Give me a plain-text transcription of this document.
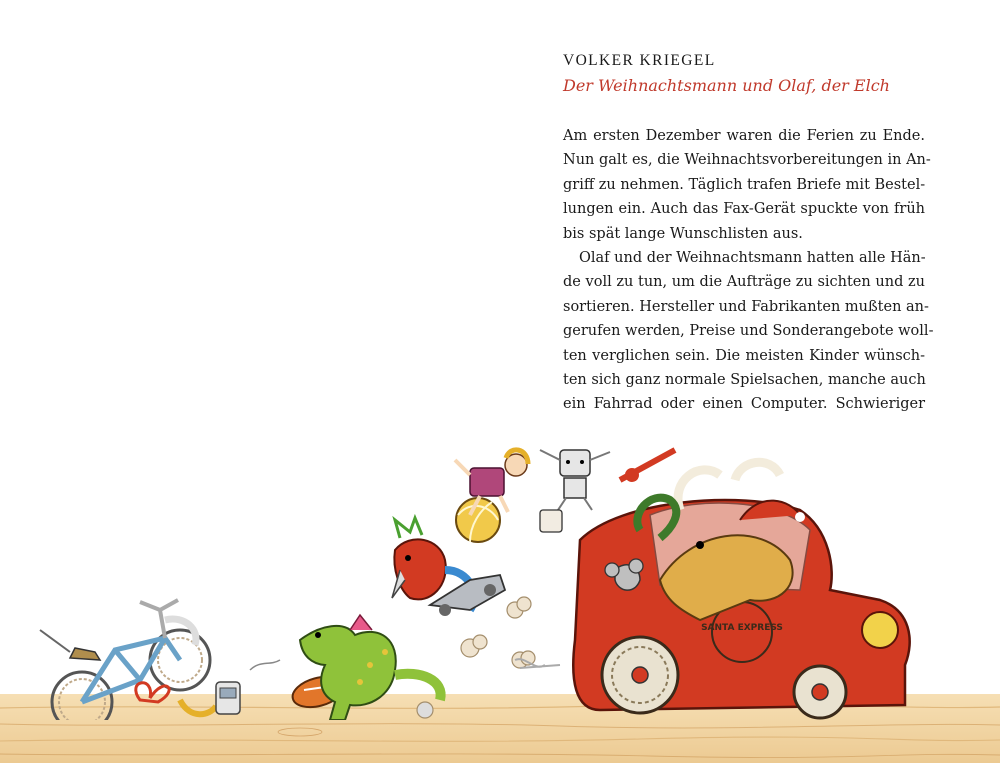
VOLKER KRIEGEL

Der Weihnachtsmann und Olaf, der Elch

Am ersten Dezember waren die Ferien zu Ende.
Nun galt es, die Weihnachtsvorbereitungen in An-
griff zu nehmen. Täglich trafen Briefe mit Bestel-
lungen ein. Auch das Fax-Gerät spuckte von früh
bis spät lange Wunschlisten aus.
Olaf und der Weihnachtsmann hatten alle Hän-
de voll zu tun, um die Aufträge zu sichten und zu
sortieren. Hersteller und Fabrikanten mußten an-
gerufen werden, Preise und Sonderangebote woll-
ten verglichen sein. Die meisten Kinder wünsch-
ten sich ganz normale Spielsachen, manche auch
ein Fahrrad oder einen Computer. Schwieriger
SANTA EXPRESS
